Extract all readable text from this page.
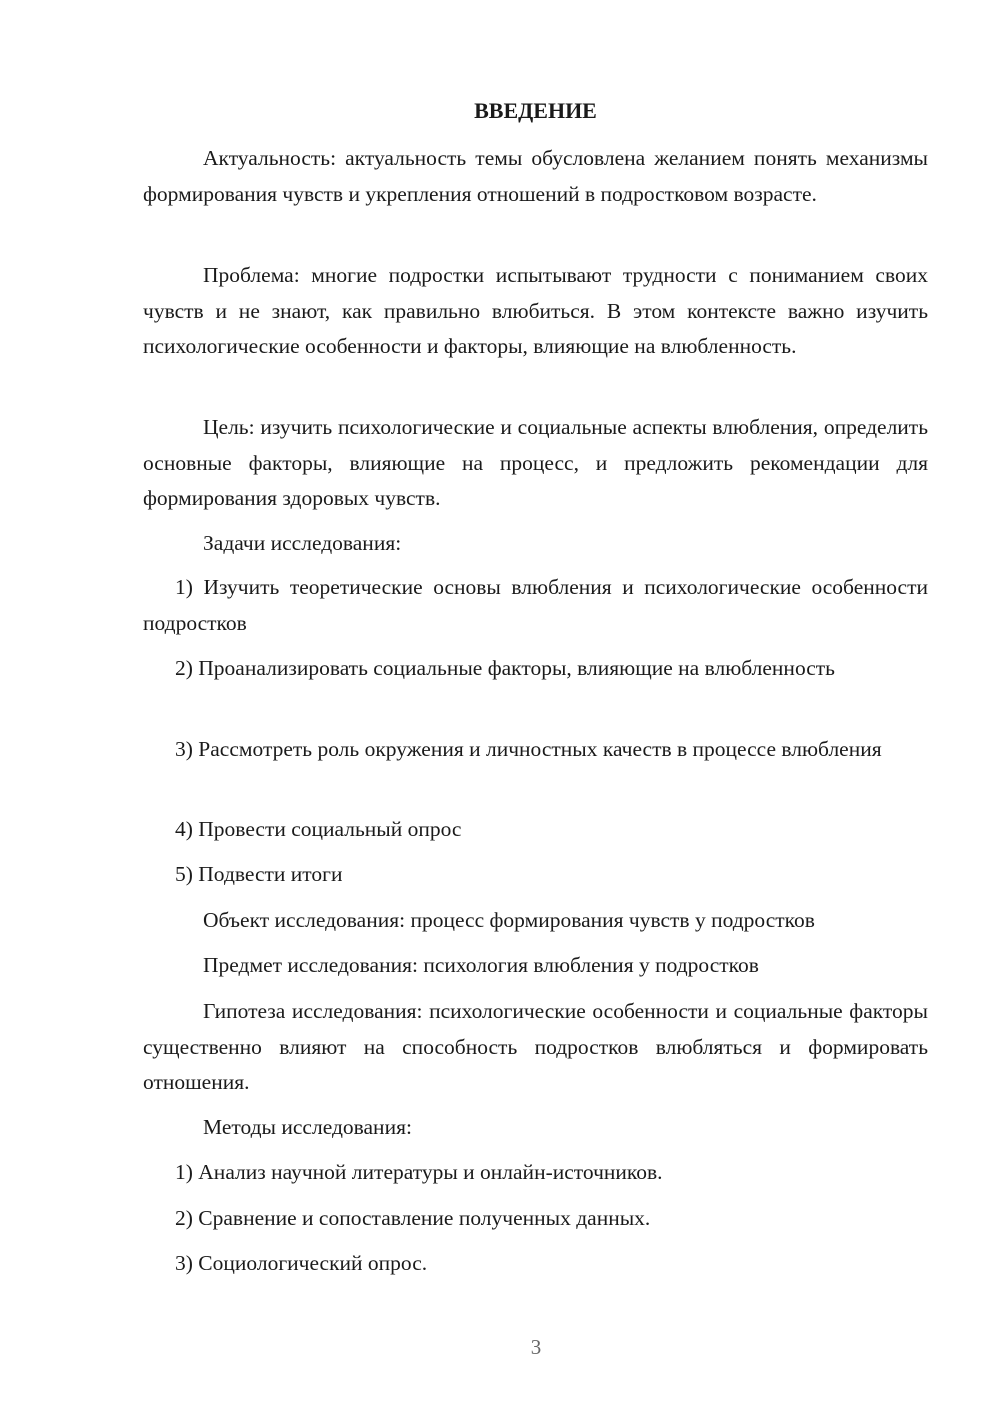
ВВЕДЕНИЕ

Актуальность: актуальность темы обусловлена желанием понять механизмы формирования чувств и укрепления отношений в подростковом возрасте.

Проблема: многие подростки испытывают трудности с пониманием своих чувств и не знают, как правильно влюбиться. В этом контексте важно изучить психологические особенности и факторы, влияющие на влюбленность.

Цель: изучить психологические и социальные аспекты влюбления, определить основные факторы, влияющие на процесс, и предложить рекомендации для формирования здоровых чувств.

Задачи исследования:

1) Изучить теоретические основы влюбления и психологические особенности подростков

2) Проанализировать социальные факторы, влияющие на влюбленность

3) Рассмотреть роль окружения и личностных качеств в процессе влюбления

4) Провести социальный опрос

5) Подвести итоги

Объект исследования: процесс формирования чувств у подростков

Предмет исследования: психология влюбления у подростков

Гипотеза исследования: психологические особенности и социальные факторы существенно влияют на способность подростков влюбляться и формировать отношения.

Методы исследования:

1) Анализ научной литературы и онлайн-источников.

2) Сравнение и сопоставление полученных данных.

3) Социологический опрос.

3
